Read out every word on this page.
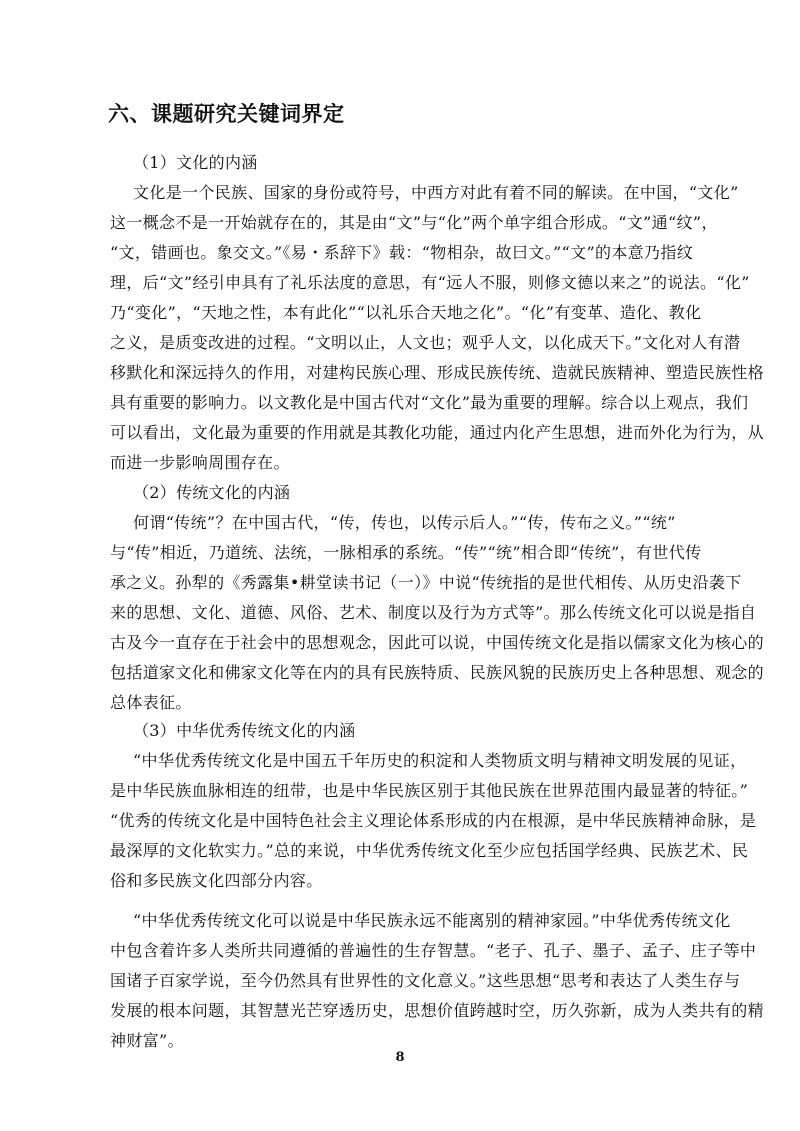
六、课题研究关键词界定
（1）文化的内涵
文化是一个民族、国家的身份或符号，中西方对此有着不同的解读。在中国，“文化”
这一概念不是一开始就存在的，其是由“文”与“化”两个单字组合形成。“文”通“纹”，
“文，错画也。象交文。”《易・系辞下》载：“物相杂，故曰文。”“文”的本意乃指纹
理，后“文”经引申具有了礼乐法度的意思，有“远人不服，则修文德以来之”的说法。“化”
乃“变化”，“天地之性，本有此化”“以礼乐合天地之化”。“化”有变革、造化、教化
之义，是质变改进的过程。“文明以止，人文也；观乎人文，以化成天下。”文化对人有潜
移默化和深远持久的作用，对建构民族心理、形成民族传统、造就民族精神、塑造民族性格
具有重要的影响力。以文教化是中国古代对“文化”最为重要的理解。综合以上观点，我们
可以看出，文化最为重要的作用就是其教化功能，通过内化产生思想，进而外化为行为，从
而进一步影响周围存在。
（2）传统文化的内涵
何谓“传统”？在中国古代，“传，传也，以传示后人。”“传，传布之义。”“统”
与“传”相近，乃道统、法统，一脉相承的系统。“传”“统”相合即“传统”，有世代传
承之义。孙犁的《秀露集•耕堂读书记（一）》中说“传统指的是世代相传、从历史沿袭下
来的思想、文化、道德、风俗、艺术、制度以及行为方式等”。那么传统文化可以说是指自
古及今一直存在于社会中的思想观念，因此可以说，中国传统文化是指以儒家文化为核心的
包括道家文化和佛家文化等在内的具有民族特质、民族风貌的民族历史上各种思想、观念的
总体表征。
（3）中华优秀传统文化的内涵
“中华优秀传统文化是中国五千年历史的积淀和人类物质文明与精神文明发展的见证，
是中华民族血脉相连的纽带，也是中华民族区别于其他民族在世界范围内最显著的特征。”
“优秀的传统文化是中国特色社会主义理论体系形成的内在根源，是中华民族精神命脉，是
最深厚的文化软实力。”总的来说，中华优秀传统文化至少应包括国学经典、民族艺术、民
俗和多民族文化四部分内容。
“中华优秀传统文化可以说是中华民族永远不能离别的精神家园。”中华优秀传统文化
中包含着许多人类所共同遵循的普遍性的生存智慧。“老子、孔子、墨子、孟子、庄子等中
国诸子百家学说，至今仍然具有世界性的文化意义。”这些思想“思考和表达了人类生存与
发展的根本问题，其智慧光芒穿透历史，思想价值跨越时空，历久弥新，成为人类共有的精
神财富”。
8
